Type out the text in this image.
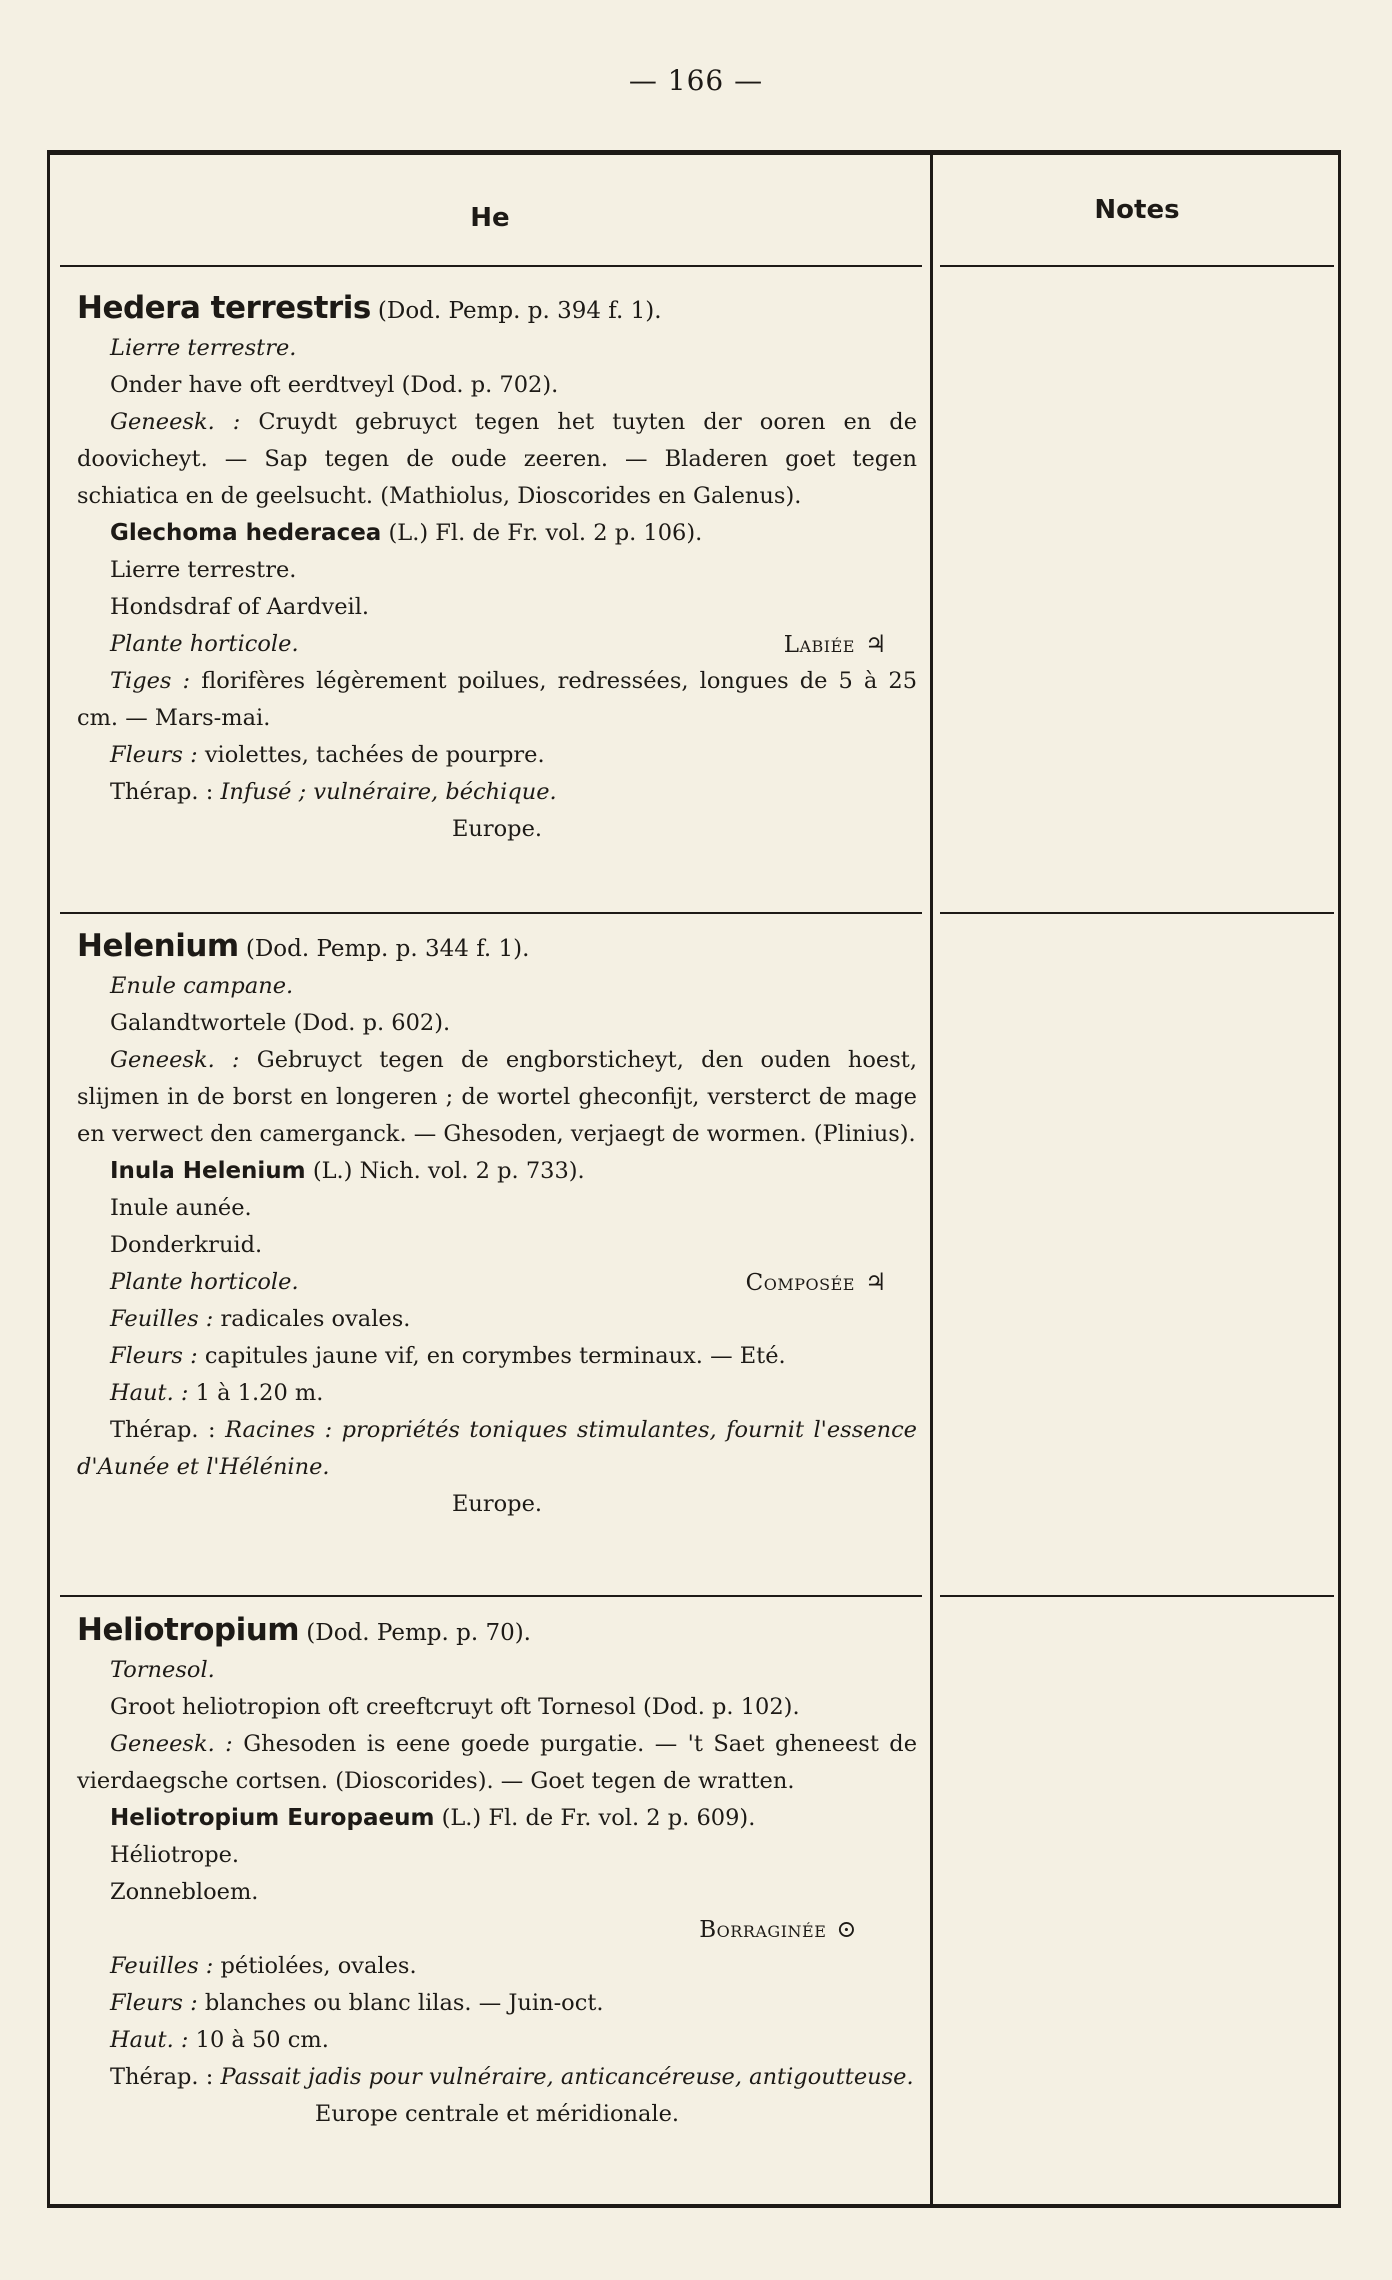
— 166 —
He	Notes
Hedera terrestris (Dod. Pemp. p. 394 f. 1).
Lierre terrestre.
Onder have oft eerdtveyl (Dod. p. 702).
Geneesk. : Cruydt gebruyct tegen het tuyten der ooren en de doovicheyt. — Sap tegen de oude zeeren. — Bladeren goet tegen schiatica en de geelsucht. (Mathiolus, Dioscorides en Galenus).
Glechoma hederacea (L.) Fl. de Fr. vol. 2 p. 106).
Lierre terrestre.
Hondsdraf of Aardveil.
Plante horticole.	Labiée ♃
Tiges : florifères légèrement poilues, redressées, longues de 5 à 25 cm. — Mars-mai.
Fleurs : violettes, tachées de pourpre.
Thérap. : Infusé ; vulnéraire, béchique.
Europe.
Helenium (Dod. Pemp. p. 344 f. 1).
Enule campane.
Galandtwortele (Dod. p. 602).
Geneesk. : Gebruyct tegen de engborsticheyt, den ouden hoest, slijmen in de borst en longeren ; de wortel gheconfijt, versterct de mage en verwect den camerganck. — Ghesoden, verjaegt de wormen. (Plinius).
Inula Helenium (L.) Nich. vol. 2 p. 733).
Inule aunée.
Donderkruid.
Plante horticole.	Composée ♃
Feuilles : radicales ovales.
Fleurs : capitules jaune vif, en corymbes terminaux. — Eté.
Haut. : 1 à 1.20 m.
Thérap. : Racines : propriétés toniques stimulantes, fournit l'essence d'Aunée et l'Hélénine.
Europe.
Heliotropium (Dod. Pemp. p. 70).
Tornesol.
Groot heliotropion oft creeftcruyt oft Tornesol (Dod. p. 102).
Geneesk. : Ghesoden is eene goede purgatie. — 't Saet gheneest de vierdaegsche cortsen. (Dioscorides). — Goet tegen de wratten.
Heliotropium Europaeum (L.) Fl. de Fr. vol. 2 p. 609).
Héliotrope.
Zonnebloem.

Borraginée ⊙
Feuilles : pétiolées, ovales.
Fleurs : blanches ou blanc lilas. — Juin-oct.
Haut. : 10 à 50 cm.
Thérap. : Passait jadis pour vulnéraire, anticancéreuse, antigoutteuse.
Europe centrale et méridionale.
